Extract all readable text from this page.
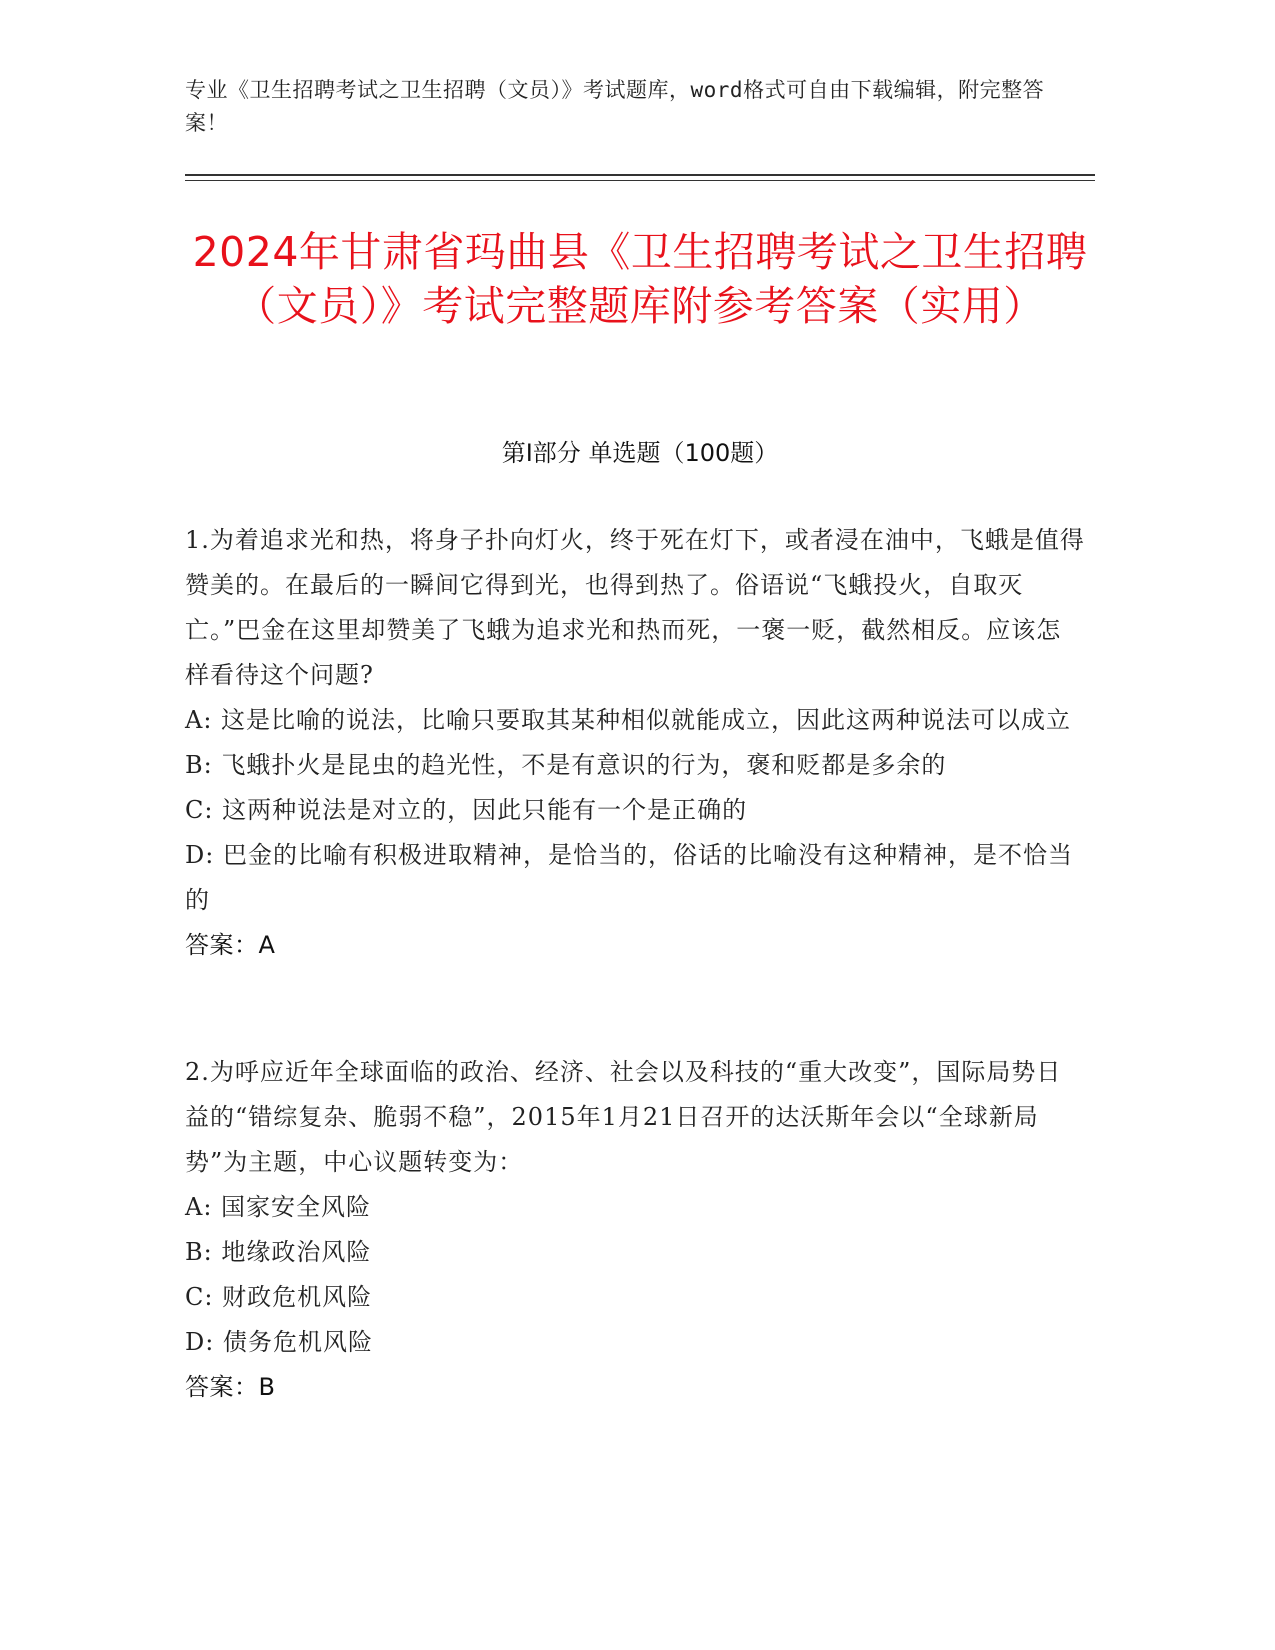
专业《卫生招聘考试之卫生招聘（文员）》考试题库，word格式可自由下载编辑，附完整答案！
2024年甘肃省玛曲县《卫生招聘考试之卫生招聘（文员）》考试完整题库附参考答案（实用）
第Ⅰ部分 单选题（100题）
1.为着追求光和热，将身子扑向灯火，终于死在灯下，或者浸在油中，飞蛾是值得赞美的。在最后的一瞬间它得到光，也得到热了。俗语说“飞蛾投火，自取灭亡。”巴金在这里却赞美了飞蛾为追求光和热而死，一褒一贬，截然相反。应该怎样看待这个问题?
A: 这是比喻的说法，比喻只要取其某种相似就能成立，因此这两种说法可以成立
B: 飞蛾扑火是昆虫的趋光性，不是有意识的行为，褒和贬都是多余的
C: 这两种说法是对立的，因此只能有一个是正确的
D: 巴金的比喻有积极进取精神，是恰当的，俗话的比喻没有这种精神，是不恰当的
答案：A
2.为呼应近年全球面临的政治、经济、社会以及科技的“重大改变”，国际局势日益的“错综复杂、脆弱不稳”，2015年1月21日召开的达沃斯年会以“全球新局势”为主题，中心议题转变为：
A: 国家安全风险
B: 地缘政治风险
C: 财政危机风险
D: 债务危机风险
答案：B
